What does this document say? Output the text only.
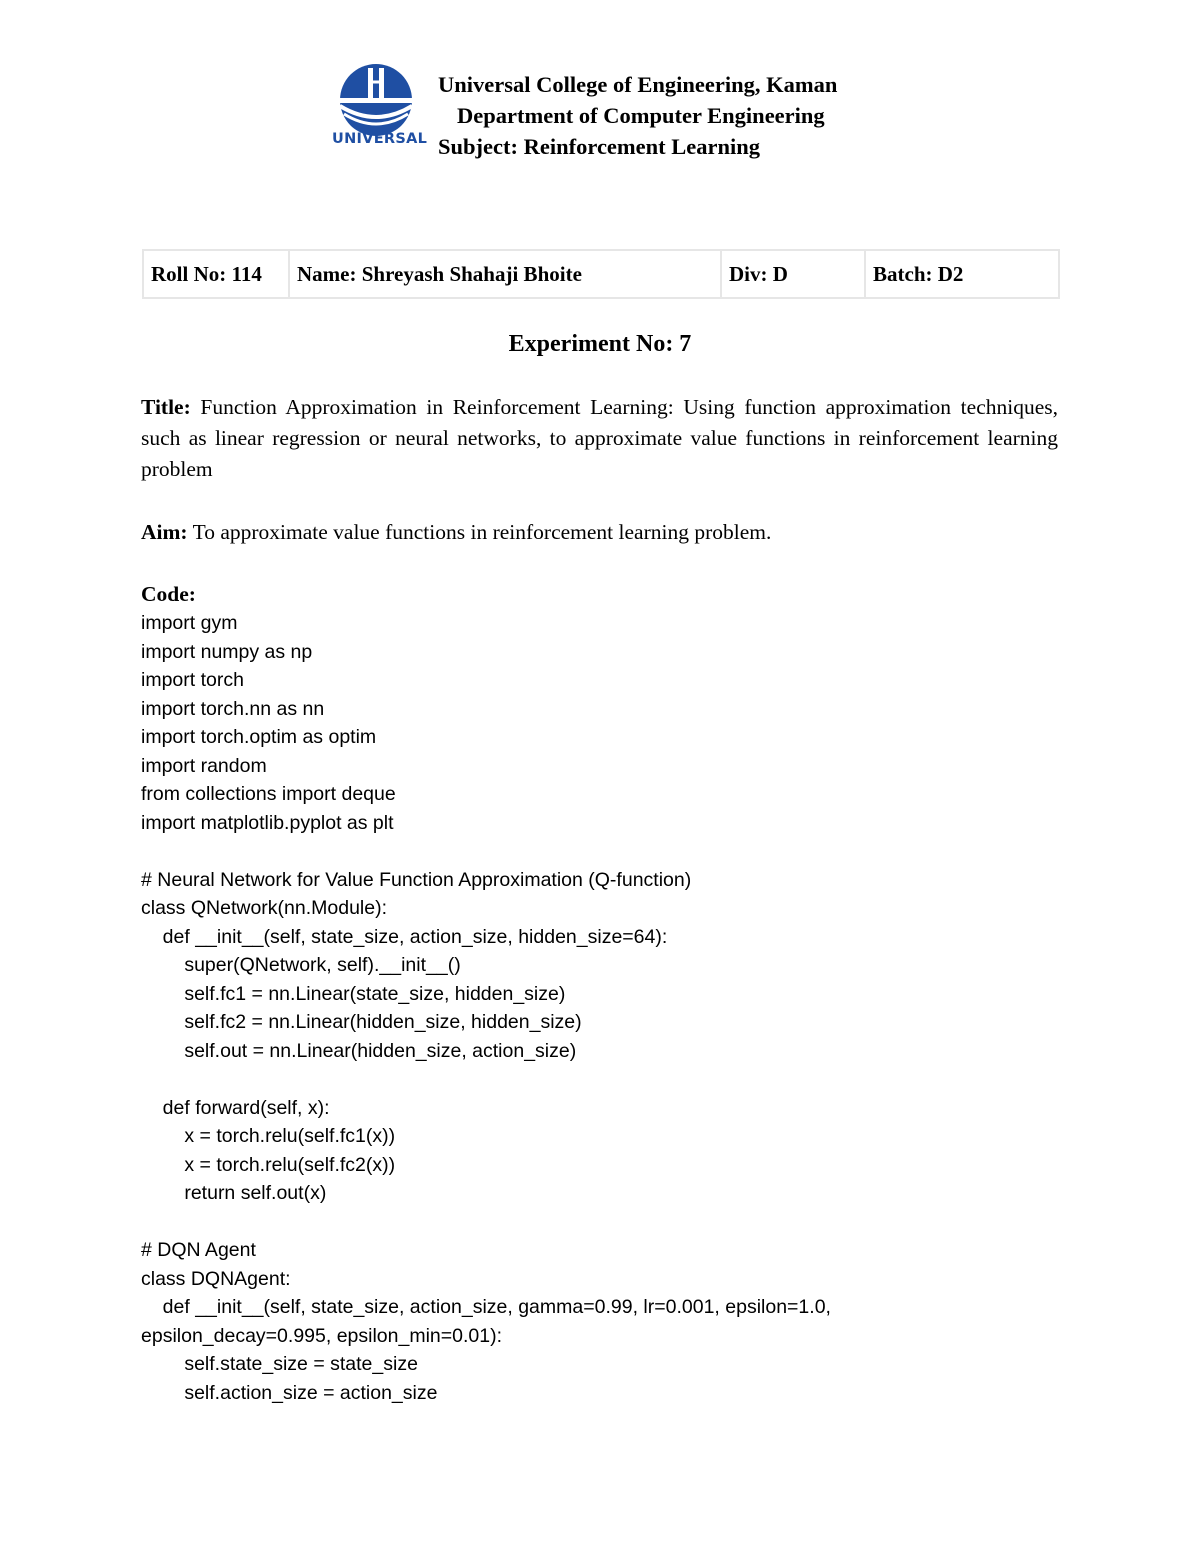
UNIVERSAL
Universal College of Engineering, Kaman
Department of Computer Engineering
Subject: Reinforcement Learning
Roll No: 114	Name: Shreyash Shahaji Bhoite	Div: D	Batch: D2
Experiment No: 7
Title: Function Approximation in Reinforcement Learning: Using function approximation techniques, such as linear regression or neural networks, to approximate value functions in reinforcement learning problem
Aim: To approximate value functions in reinforcement learning problem.
Code:
import gym
import numpy as np
import torch
import torch.nn as nn
import torch.optim as optim
import random
from collections import deque
import matplotlib.pyplot as plt

# Neural Network for Value Function Approximation (Q-function)
class QNetwork(nn.Module):
def __init__(self, state_size, action_size, hidden_size=64):
super(QNetwork, self).__init__()
self.fc1 = nn.Linear(state_size, hidden_size)
self.fc2 = nn.Linear(hidden_size, hidden_size)
self.out = nn.Linear(hidden_size, action_size)

def forward(self, x):
x = torch.relu(self.fc1(x))
x = torch.relu(self.fc2(x))
return self.out(x)

# DQN Agent
class DQNAgent:
def __init__(self, state_size, action_size, gamma=0.99, lr=0.001, epsilon=1.0,
epsilon_decay=0.995, epsilon_min=0.01):
self.state_size = state_size
self.action_size = action_size
